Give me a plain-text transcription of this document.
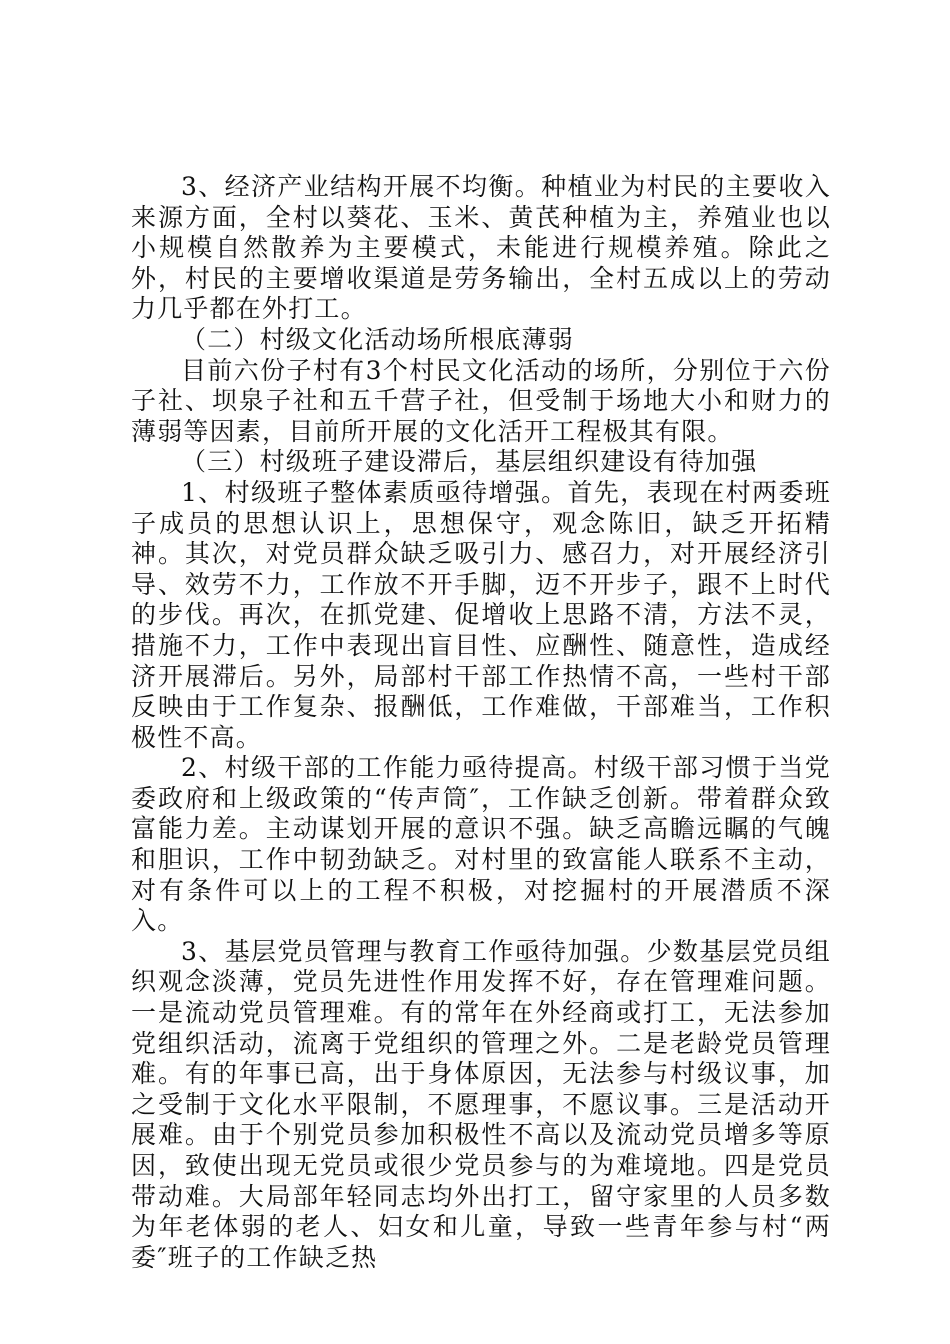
3、经济产业结构开展不均衡。种植业为村民的主要收入来源方面，全村以葵花、玉米、黄芪种植为主，养殖业也以小规模自然散养为主要模式，未能进行规模养殖。除此之外，村民的主要增收渠道是劳务输出，全村五成以上的劳动力几乎都在外打工。

（二）村级文化活动场所根底薄弱

目前六份子村有3个村民文化活动的场所，分别位于六份子社、坝泉子社和五千营子社，但受制于场地大小和财力的薄弱等因素，目前所开展的文化活开工程极其有限。

（三）村级班子建设滞后，基层组织建设有待加强

1、村级班子整体素质亟待增强。首先，表现在村两委班子成员的思想认识上，思想保守，观念陈旧，缺乏开拓精神。其次，对党员群众缺乏吸引力、感召力，对开展经济引导、效劳不力，工作放不开手脚，迈不开步子，跟不上时代的步伐。再次，在抓党建、促增收上思路不清，方法不灵，措施不力，工作中表现出盲目性、应酬性、随意性，造成经济开展滞后。另外，局部村干部工作热情不高，一些村干部反映由于工作复杂、报酬低，工作难做，干部难当，工作积极性不高。

2、村级干部的工作能力亟待提高。村级干部习惯于当党委政府和上级政策的“传声筒″，工作缺乏创新。带着群众致富能力差。主动谋划开展的意识不强。缺乏高瞻远瞩的气魄和胆识，工作中韧劲缺乏。对村里的致富能人联系不主动，对有条件可以上的工程不积极，对挖掘村的开展潜质不深入。

3、基层党员管理与教育工作亟待加强。少数基层党员组织观念淡薄，党员先进性作用发挥不好，存在管理难问题。一是流动党员管理难。有的常年在外经商或打工，无法参加党组织活动，流离于党组织的管理之外。二是老龄党员管理难。有的年事已高，出于身体原因，无法参与村级议事，加之受制于文化水平限制，不愿理事，不愿议事。三是活动开展难。由于个别党员参加积极性不高以及流动党员增多等原因，致使出现无党员或很少党员参与的为难境地。四是党员带动难。大局部年轻同志均外出打工，留守家里的人员多数为年老体弱的老人、妇女和儿童，导致一些青年参与村“两委″班子的工作缺乏热
